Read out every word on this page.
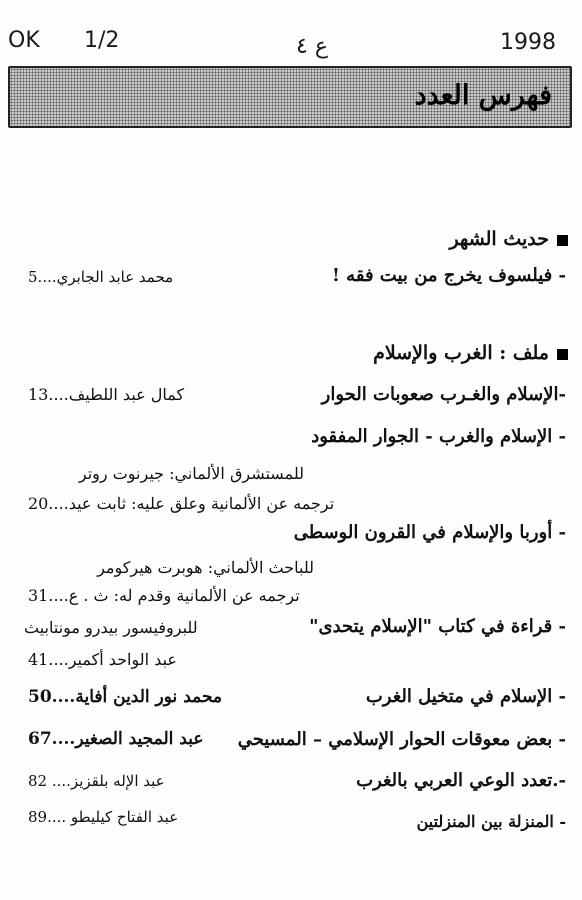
OK 1/2	ع ٤	1998
فهرس العدد
حديث الشهر
- فيلسوف يخرج من بيت فقه !
محمد عابد الجابري....5
ملف : الغرب والإسلام
-الإسلام والغـرب صعوبات الحوار
كمال عبد اللطيف....13
- الإسلام والغرب - الجوار المفقود
للمستشرق الألماني: جيرنوت روتر
ترجمه عن الألمانية وعلق عليه: ثابت عيد....20
- أوربا والإسلام في القرون الوسطى
للباحث الألماني: هوبرت هيركومر
ترجمه عن الألمانية وقدم له: ث . ع....31
- قراءة في كتاب "الإسلام يتحدى"
للبروفيسور بيدرو مونتابيث
عبد الواحد أكمير....41
- الإسلام في متخيل الغرب
محمد نور الدين أفاية....50
- بعض معوقات الحوار الإسلامي – المسيحي
عبد المجيد الصغير....67
-.تعدد الوعي العربي بالغرب
عبد الإله بلقزيز.... 82
- المنزلة بين المنزلتين
عبد الفتاح كيليطو ....89
